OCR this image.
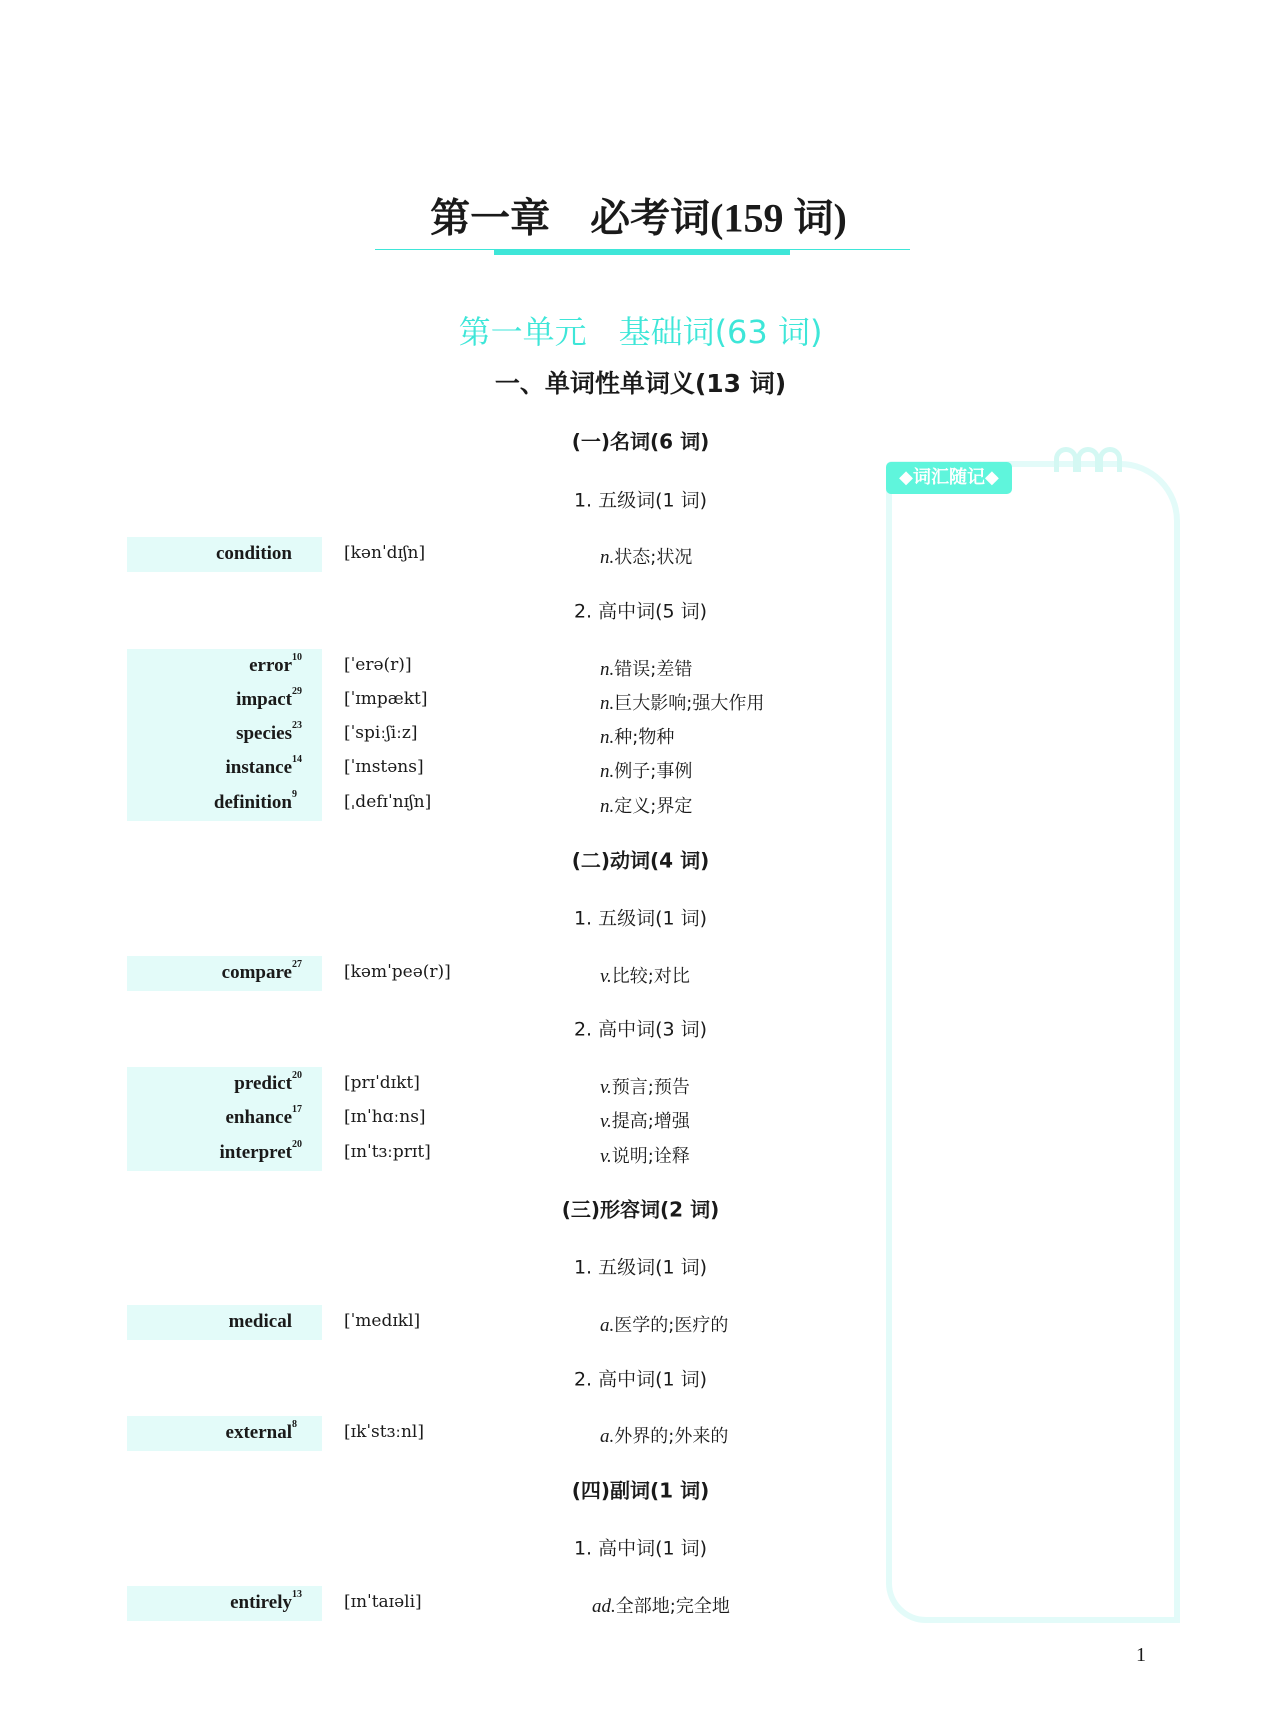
第一章　必考词(159 词)
第一单元　基础词(63 词)
一、单词性单词义(13 词)
◆词汇随记◆
(一)名词(6 词)
1. 五级词(1 词)
2. 高中词(5 词)
(二)动词(4 词)
1. 五级词(1 词)
2. 高中词(3 词)
(三)形容词(2 词)
1. 五级词(1 词)
2. 高中词(1 词)
(四)副词(1 词)
1. 高中词(1 词)
condition	[kənˈdɪʃn]	n.状态;状况
error 10 [ˈerə(r)]	n.错误;差错
impact 29 [ˈɪmpækt]	n.巨大影响;强大作用
species 23 [ˈspiːʃiːz]	n.种;物种
instance 14 [ˈɪnstəns]	n.例子;事例
definition 9	[ˌdefɪˈnɪʃn]	n.定义;界定
compare 27 [kəmˈpeə(r)]	v.比较;对比
predict 20 [prɪˈdɪkt]	v.预言;预告
enhance 17 [ɪnˈhɑːns]	v.提高;增强
interpret 20 [ɪnˈtɜːprɪt]	v.说明;诠释
medical	[ˈmedɪkl]	a.医学的;医疗的
external 8	[ɪkˈstɜːnl]	a.外界的;外来的
entirely 13 [ɪnˈtaɪəli]	ad.全部地;完全地
1
